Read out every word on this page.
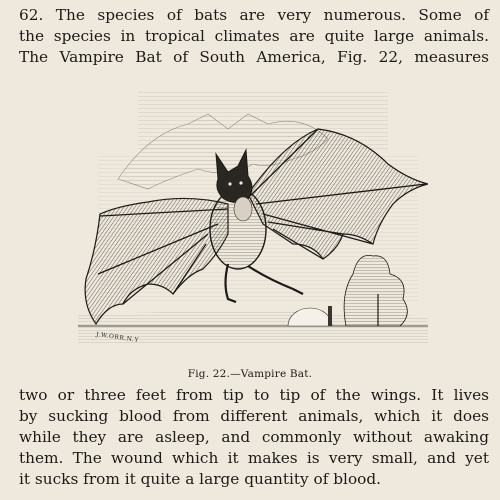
62. The species of bats are very numerous. Some of
the species in tropical climates are quite large animals.
The Vampire Bat of South America, Fig. 22, measures

J.W.ORR.N.Y
Fig. 22.—Vampire Bat.

two or three feet from tip to tip of the wings. It lives
by sucking blood from different animals, which it does
while they are asleep, and commonly without awaking
them. The wound which it makes is very small, and yet
it sucks from it quite a large quantity of blood.
